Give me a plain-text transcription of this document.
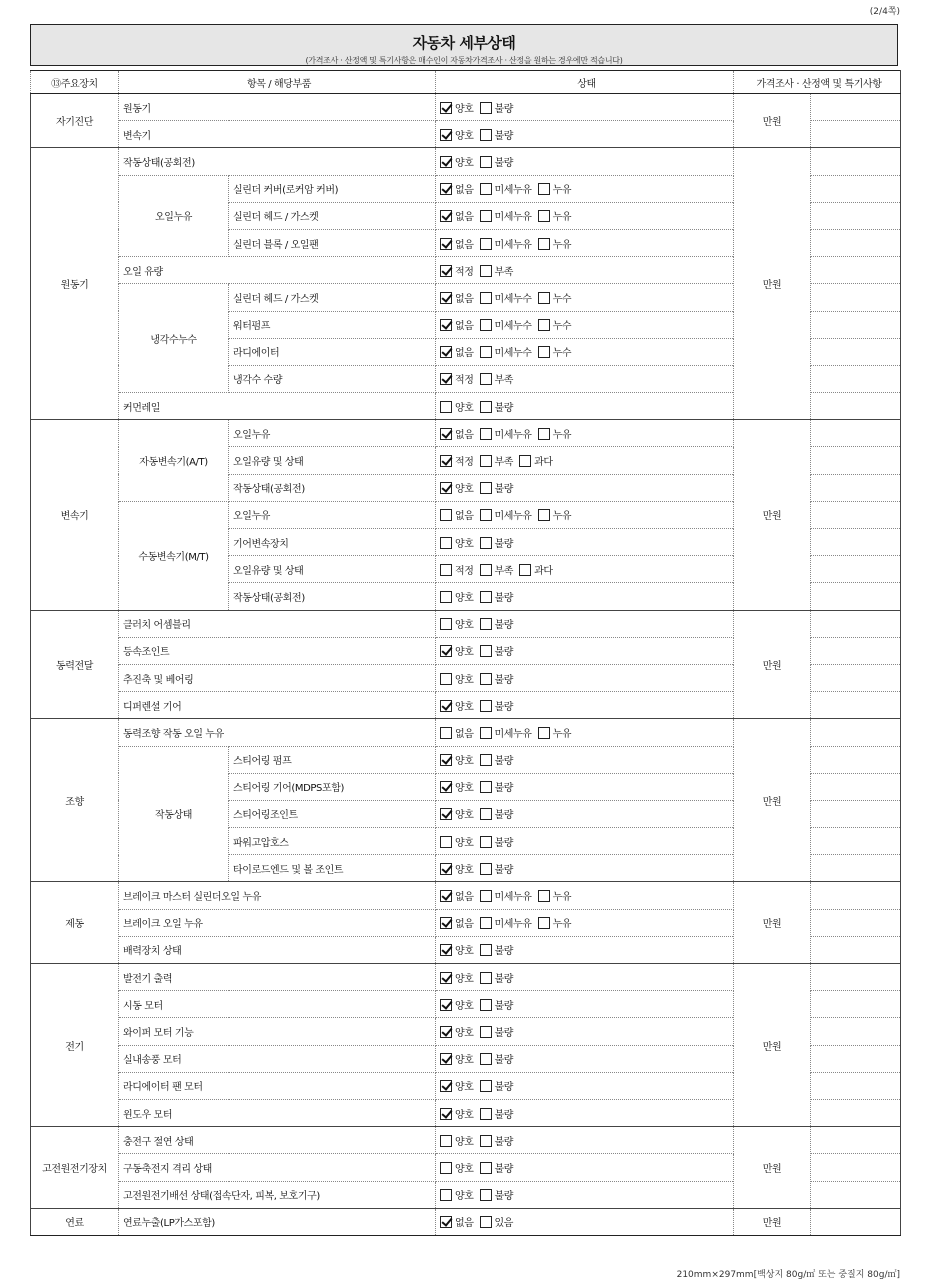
(2/4쪽)
자동차 세부상태
(가격조사 · 산정액 및 특기사항은 매수인이 자동차가격조사 · 산정을 원하는 경우에만 적습니다)
⑬주요장치	항목 / 해당부품		상태	가격조사 · 산정액 및 특기사항	
자기진단	원동기		양호 불량	만원	
	변속기		양호 불량		
원동기	작동상태(공회전)		양호 불량	만원	
	오일누유	실린더 커버(로커암 커버)	없음 미세누유 누유		
		실린더 헤드 / 가스켓	없음 미세누유 누유		
		실린더 블록 / 오일팬	없음 미세누유 누유		
	오일 유량		적정 부족		
	냉각수누수	실린더 헤드 / 가스켓	없음 미세누수 누수		
		워터펌프	없음 미세누수 누수		
		라디에이터	없음 미세누수 누수		
		냉각수 수량	적정 부족		
	커먼레일		양호 불량		
변속기	자동변속기(A/T)	오일누유	없음 미세누유 누유	만원	
		오일유량 및 상태	적정 부족 과다		
		작동상태(공회전)	양호 불량		
	수동변속기(M/T)	오일누유	없음 미세누유 누유		
		기어변속장치	양호 불량		
		오일유량 및 상태	적정 부족 과다		
		작동상태(공회전)	양호 불량		
동력전달	클러치 어셈블리		양호 불량	만원	
	등속조인트		양호 불량		
	추진축 및 베어링		양호 불량		
	디퍼렌셜 기어		양호 불량		
조향	동력조향 작동 오일 누유		없음 미세누유 누유	만원	
	작동상태	스티어링 펌프	양호 불량		
		스티어링 기어(MDPS포함)	양호 불량		
		스티어링조인트	양호 불량		
		파워고압호스	양호 불량		
		타이로드엔드 및 볼 조인트	양호 불량		
제동	브레이크 마스터 실린더오일 누유		없음 미세누유 누유	만원	
	브레이크 오일 누유		없음 미세누유 누유		
	배력장치 상태		양호 불량		
전기	발전기 출력		양호 불량	만원	
	시동 모터		양호 불량		
	와이퍼 모터 기능		양호 불량		
	실내송풍 모터		양호 불량		
	라디에이터 팬 모터		양호 불량		
	윈도우 모터		양호 불량		
고전원전기장치	충전구 절연 상태		양호 불량	만원	
	구동축전지 격리 상태		양호 불량		
	고전원전기배선 상태(접속단자, 피복, 보호기구)		양호 불량		
연료	연료누출(LP가스포함)		없음 있음	만원	
210mm×297mm[백상지 80g/㎡ 또는 중질지 80g/㎡]
